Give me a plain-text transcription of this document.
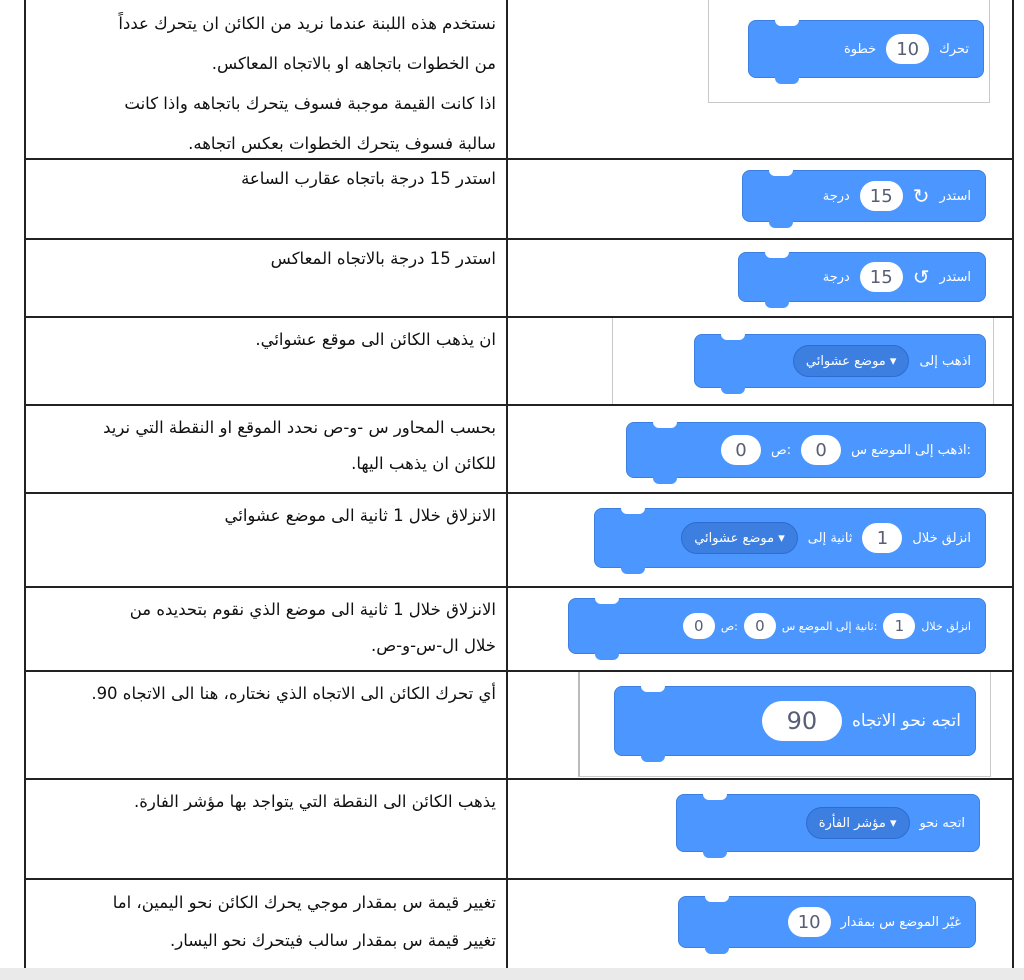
نستخدم هذه اللبنة عندما نريد من الكائن ان يتحرك عدداً
من الخطوات باتجاهه او بالاتجاه المعاكس.
اذا كانت القيمة موجبة فسوف يتحرك باتجاهه واذا كانت
سالبة فسوف يتحرك الخطوات بعكس اتجاهه.
تحرك
10
خطوة
استدر 15 درجة باتجاه عقارب الساعة
استدر
↻
15
درجة
استدر 15 درجة بالاتجاه المعاكس
استدر
↺
15
درجة
ان يذهب الكائن الى موقع عشوائي.
اذهب إلى
موضع عشوائي ▾
بحسب المحاور س -و-ص نحدد الموقع او النقطة التي نريد
للكائن ان يذهب اليها.
اذهب إلى الموضع س:
0
ص:
0
الانزلاق خلال 1 ثانية الى موضع عشوائي
انزلق خلال
1
ثانية إلى
موضع عشوائي ▾
الانزلاق خلال 1 ثانية الى موضع الذي نقوم بتحديده من
خلال ال-س-و-ص.
انزلق خلال
1
ثانية إلى الموضع س:
0
ص:
0
أي تحرك الكائن الى الاتجاه الذي نختاره، هنا الى الاتجاه 90.
اتجه نحو الاتجاه
90
يذهب الكائن الى النقطة التي يتواجد بها مؤشر الفارة.
اتجه نحو
مؤشر الفأرة ▾
تغيير قيمة س بمقدار موجي يحرك الكائن نحو اليمين، اما
تغيير قيمة س بمقدار سالب فيتحرك نحو اليسار.
غيّر الموضع س بمقدار
10
